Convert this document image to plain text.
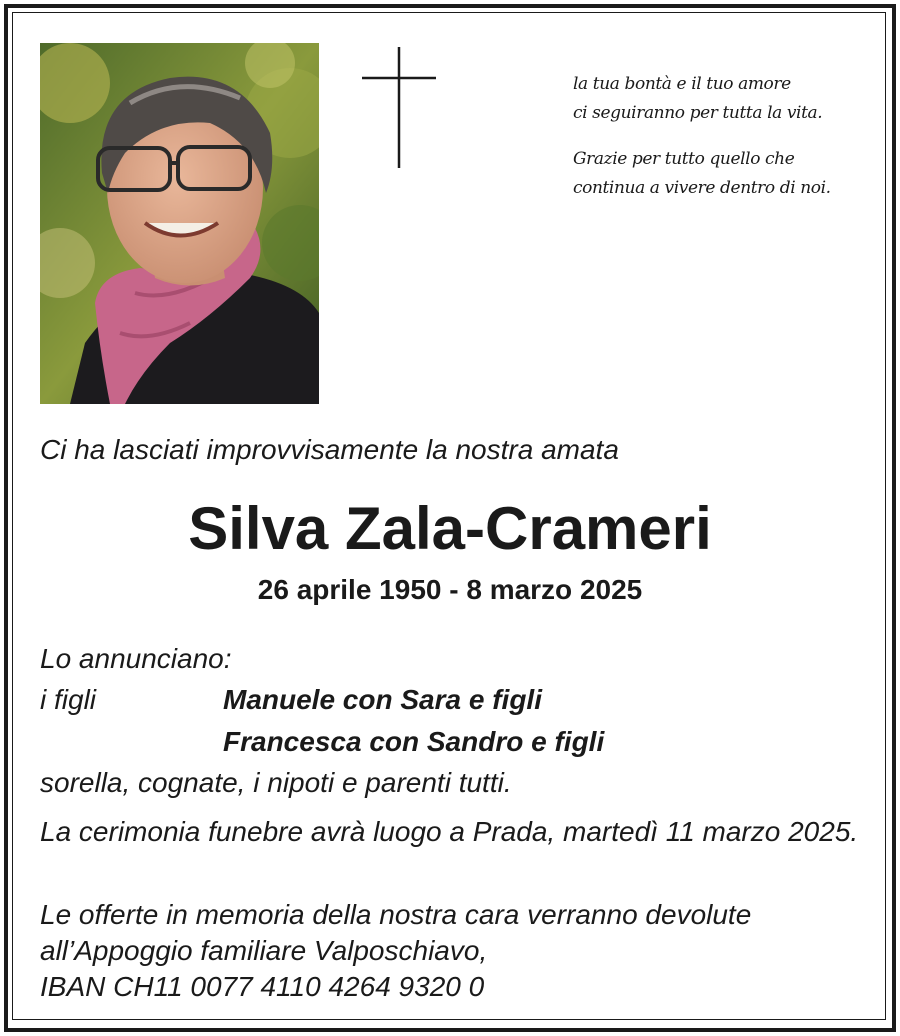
la tua bontà e il tuo amore
ci seguiranno per tutta la vita.
Grazie per tutto quello che
continua a vivere dentro di noi.
Ci ha lasciati improvvisamente la nostra amata
Silva Zala-Crameri
26 aprile 1950 - 8 marzo 2025
Lo annunciano:
i figli	Manuele con Sara e figli
Francesca con Sandro e figli
sorella, cognate, i nipoti e parenti tutti.
La cerimonia funebre avrà luogo a Prada, martedì 11 marzo 2025.
Le offerte in memoria della nostra cara verranno devolute
all’Appoggio familiare Valposchiavo,
IBAN CH11 0077 4110 4264 9320 0
